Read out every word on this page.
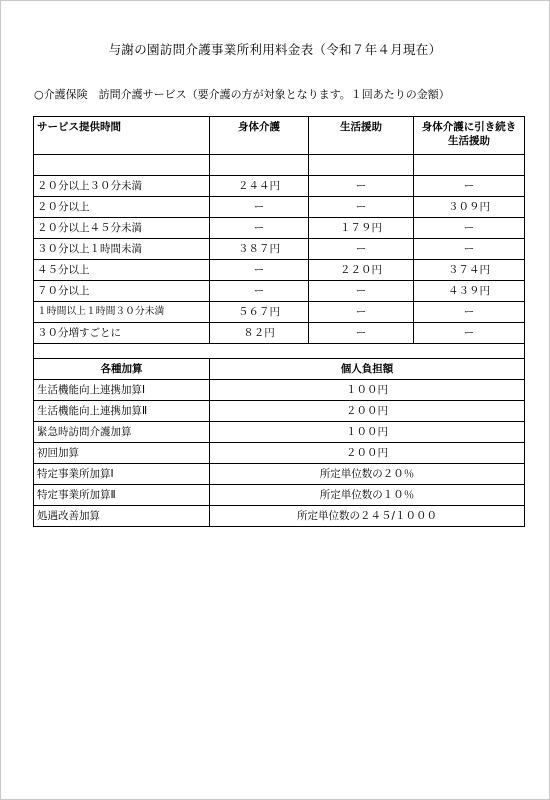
与謝の園訪問介護事業所利用料金表（令和７年４月現在）
○介護保険　訪問介護サービス（要介護の方が対象となります。１回あたりの金額）
サービス提供時間	身体介護	生活援助	身体介護に引き続き生活援助

２０分以上３０分未満	２４４円	ー	ー
２０分以上	ー	ー	３０９円
２０分以上４５分未満	ー	１７９円	ー
３０分以上１時間未満	３８７円	ー	ー
４５分以上	ー	２２０円	３７４円
７０分以上	ー	ー	４３９円
１時間以上１時間３０分未満	５６７円	ー	ー
３０分増すごとに	８２円	ー	ー

各種加算	個人負担額		
生活機能向上連携加算Ⅰ	１００円		
生活機能向上連携加算Ⅱ	２００円		
緊急時訪問介護加算	１００円		
初回加算	２００円		
特定事業所加算Ⅰ	所定単位数の２０％		
特定事業所加算Ⅱ	所定単位数の１０％		
処遇改善加算	所定単位数の２４５/１０００		
